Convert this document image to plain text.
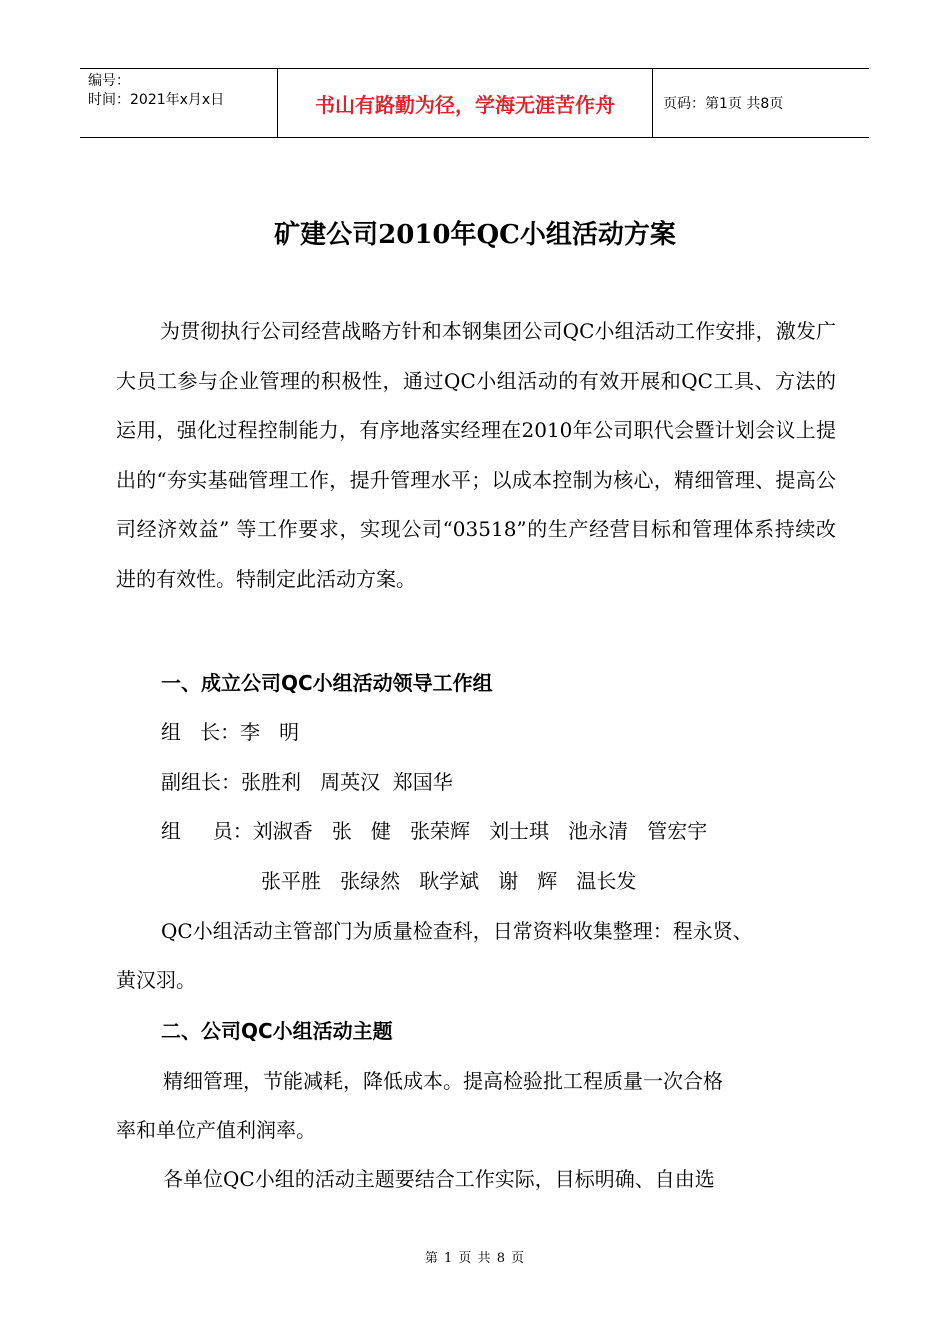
编号：
时间：2021年x月x日	书山有路勤为径，学海无涯苦作舟	页码：第1页 共8页
矿建公司2010年QC小组活动方案
为贯彻执行公司经营战略方针和本钢集团公司QC小组活动工作安排，激发广大员工参与企业管理的积极性，通过QC小组活动的有效开展和QC工具、方法的运用，强化过程控制能力，有序地落实经理在2010年公司职代会暨计划会议上提出的“夯实基础管理工作，提升管理水平；以成本控制为核心，精细管理、提高公司经济效益” 等工作要求，实现公司“03518”的生产经营目标和管理体系持续改进的有效性。特制定此活动方案。
一、成立公司QC小组活动领导工作组
组   长：李   明
副组长：张胜利   周英汉  郑国华
组     员：刘淑香   张   健   张荣辉   刘士琪   池永清   管宏宇
张平胜   张绿然   耿学斌   谢   辉   温长发
QC小组活动主管部门为质量检查科，日常资料收集整理：程永贤、
黄汉羽。
二、公司QC小组活动主题
精细管理，节能减耗，降低成本。提高检验批工程质量一次合格
率和单位产值利润率。
各单位QC小组的活动主题要结合工作实际，目标明确、自由选
第 1 页 共 8 页
